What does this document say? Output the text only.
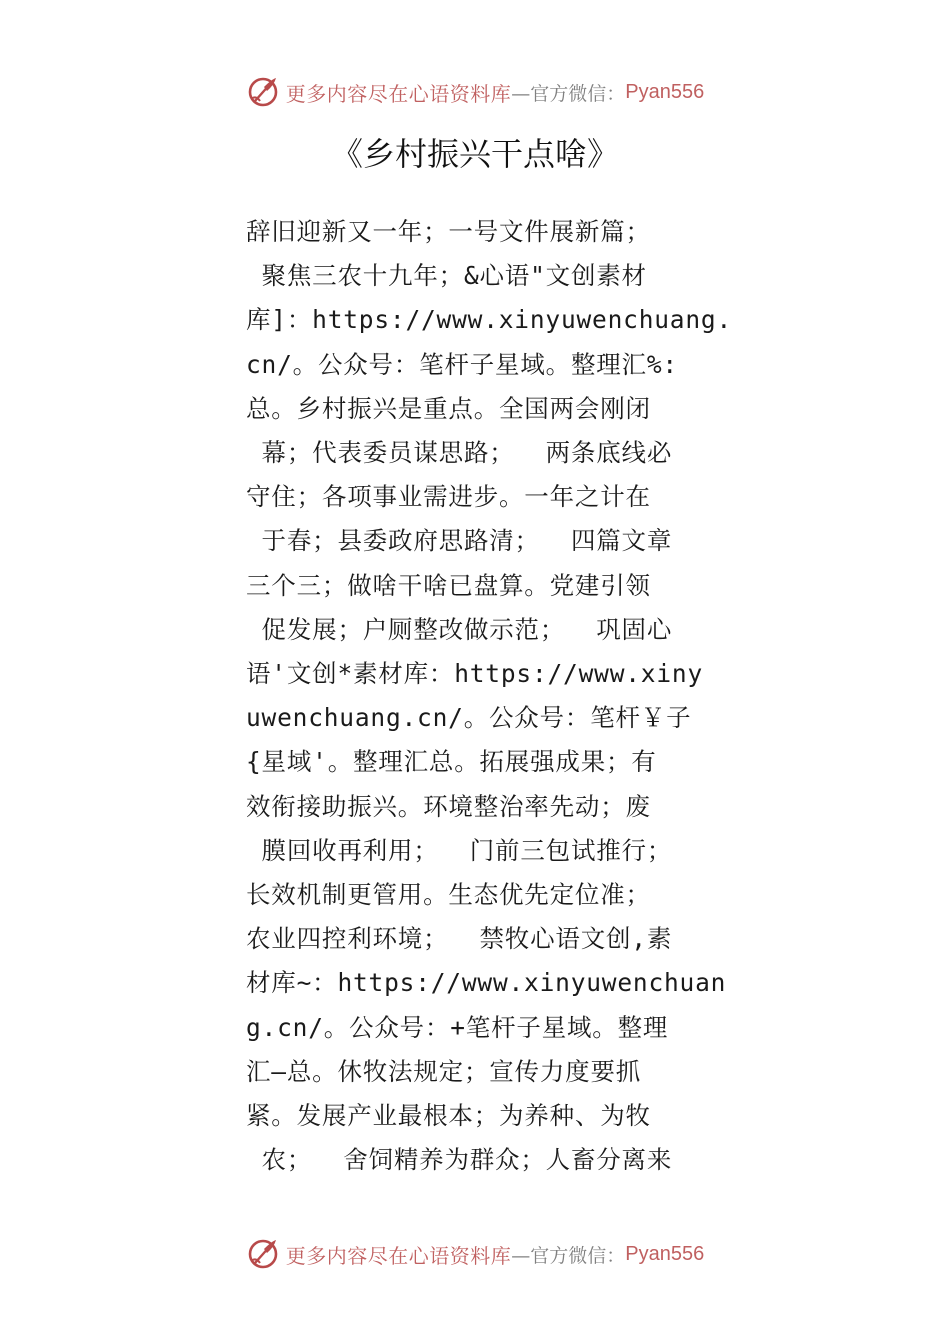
更多内容尽在心语资料库 —官方微信： Pyan556
《乡村振兴干点啥》
辞旧迎新又一年；一号文件展新篇；
聚焦三农十九年；&心语"文创素材
库]：https://www.xinyuwenchuang.
cn/。公众号：笔杆子星域。整理汇%:
总。乡村振兴是重点。全国两会刚闭
幕；代表委员谋思路；  两条底线必
守住；各项事业需进步。一年之计在
于春；县委政府思路清；  四篇文章
三个三；做啥干啥已盘算。党建引领
促发展；户厕整改做示范；  巩固心
语'文创*素材库：https://www.xiny
uwenchuang.cn/。公众号：笔杆￥子
{星域'。整理汇总。拓展强成果；有
效衔接助振兴。环境整治率先动；废
膜回收再利用；  门前三包试推行；
长效机制更管用。生态优先定位准；
农业四控利环境；  禁牧心语文创,素
材库~：https://www.xinyuwenchuan
g.cn/。公众号：+笔杆子星域。整理
汇—总。休牧法规定；宣传力度要抓
紧。发展产业最根本；为养种、为牧
农；  舍饲精养为群众；人畜分离来
更多内容尽在心语资料库 —官方微信： Pyan556
